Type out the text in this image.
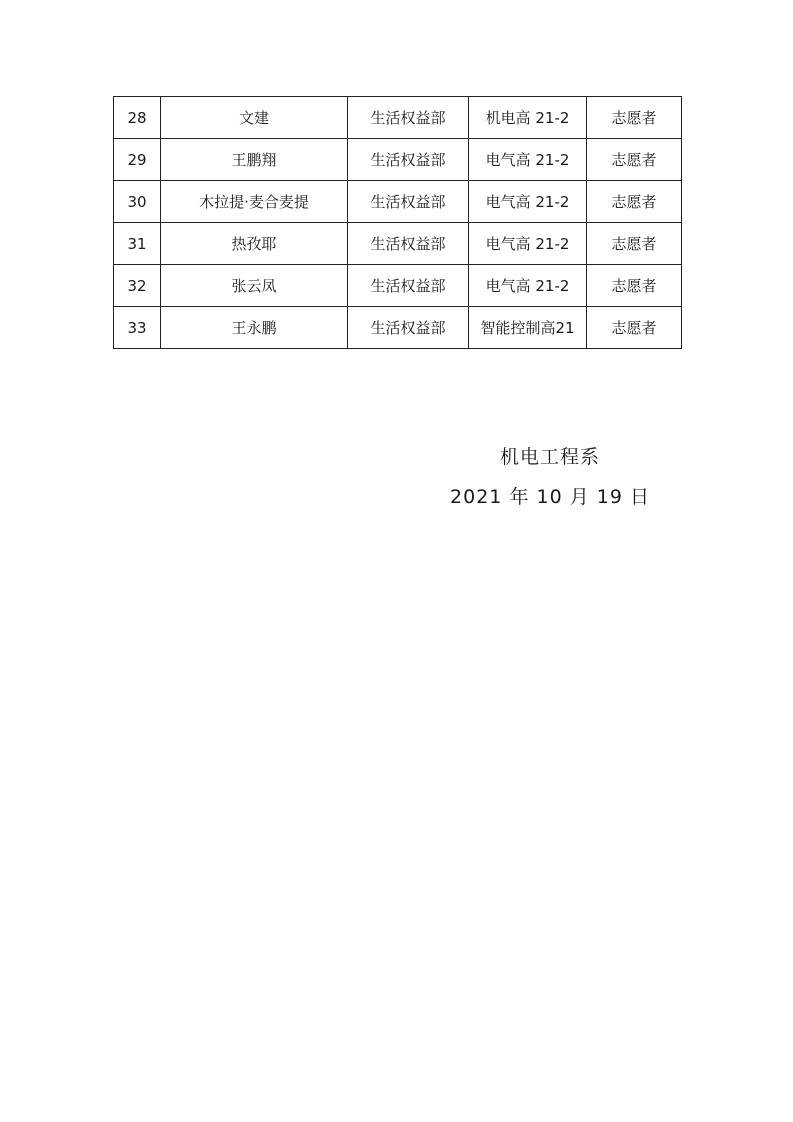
28	文建	生活权益部	机电高 21-2	志愿者
29	王鹏翔	生活权益部	电气高 21-2	志愿者
30	木拉提·麦合麦提	生活权益部	电气高 21-2	志愿者
31	热孜耶	生活权益部	电气高 21-2	志愿者
32	张云凤	生活权益部	电气高 21-2	志愿者
33	王永鹏	生活权益部	智能控制高21	志愿者
机电工程系
2021 年 10 月 19 日
